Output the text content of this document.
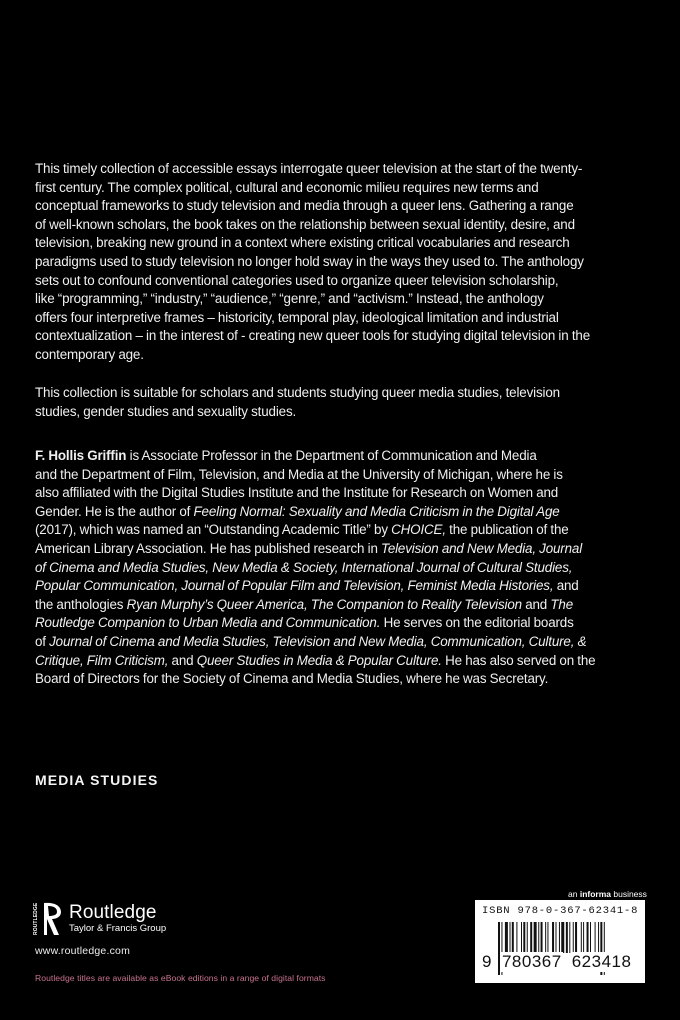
This timely collection of accessible essays interrogate queer television at the start of the twenty-
first century. The complex political, cultural and economic milieu requires new terms and
conceptual frameworks to study television and media through a queer lens. Gathering a range
of well-known scholars, the book takes on the relationship between sexual identity, desire, and
television, breaking new ground in a context where existing critical vocabularies and research
paradigms used to study television no longer hold sway in the ways they used to. The anthology
sets out to confound conventional categories used to organize queer television scholarship,
like “programming,” “industry,” “audience,” “genre,” and “activism.” Instead, the anthology
offers four interpretive frames – historicity, temporal play, ideological limitation and industrial
contextualization – in the interest of - creating new queer tools for studying digital television in the
contemporary age.
This collection is suitable for scholars and students studying queer media studies, television
studies, gender studies and sexuality studies.
F. Hollis Griffin is Associate Professor in the Department of Communication and Media
and the Department of Film, Television, and Media at the University of Michigan, where he is
also affiliated with the Digital Studies Institute and the Institute for Research on Women and
Gender. He is the author of Feeling Normal: Sexuality and Media Criticism in the Digital Age
(2017), which was named an “Outstanding Academic Title” by CHOICE, the publication of the
American Library Association. He has published research in Television and New Media, Journal
of Cinema and Media Studies, New Media & Society, International Journal of Cultural Studies,
Popular Communication, Journal of Popular Film and Television, Feminist Media Histories, and
the anthologies Ryan Murphy’s Queer America, The Companion to Reality Television and The
Routledge Companion to Urban Media and Communication. He serves on the editorial boards
of Journal of Cinema and Media Studies, Television and New Media, Communication, Culture, &
Critique, Film Criticism, and Queer Studies in Media & Popular Culture. He has also served on the
Board of Directors for the Society of Cinema and Media Studies, where he was Secretary.
MEDIA STUDIES
ROUTLEDGE Routledge
Taylor & Francis Group
www.routledge.com
Routledge titles are available as eBook editions in a range of digital formats
an informa business
ISBN 978-0-367-62341-8
9 780367 623418
